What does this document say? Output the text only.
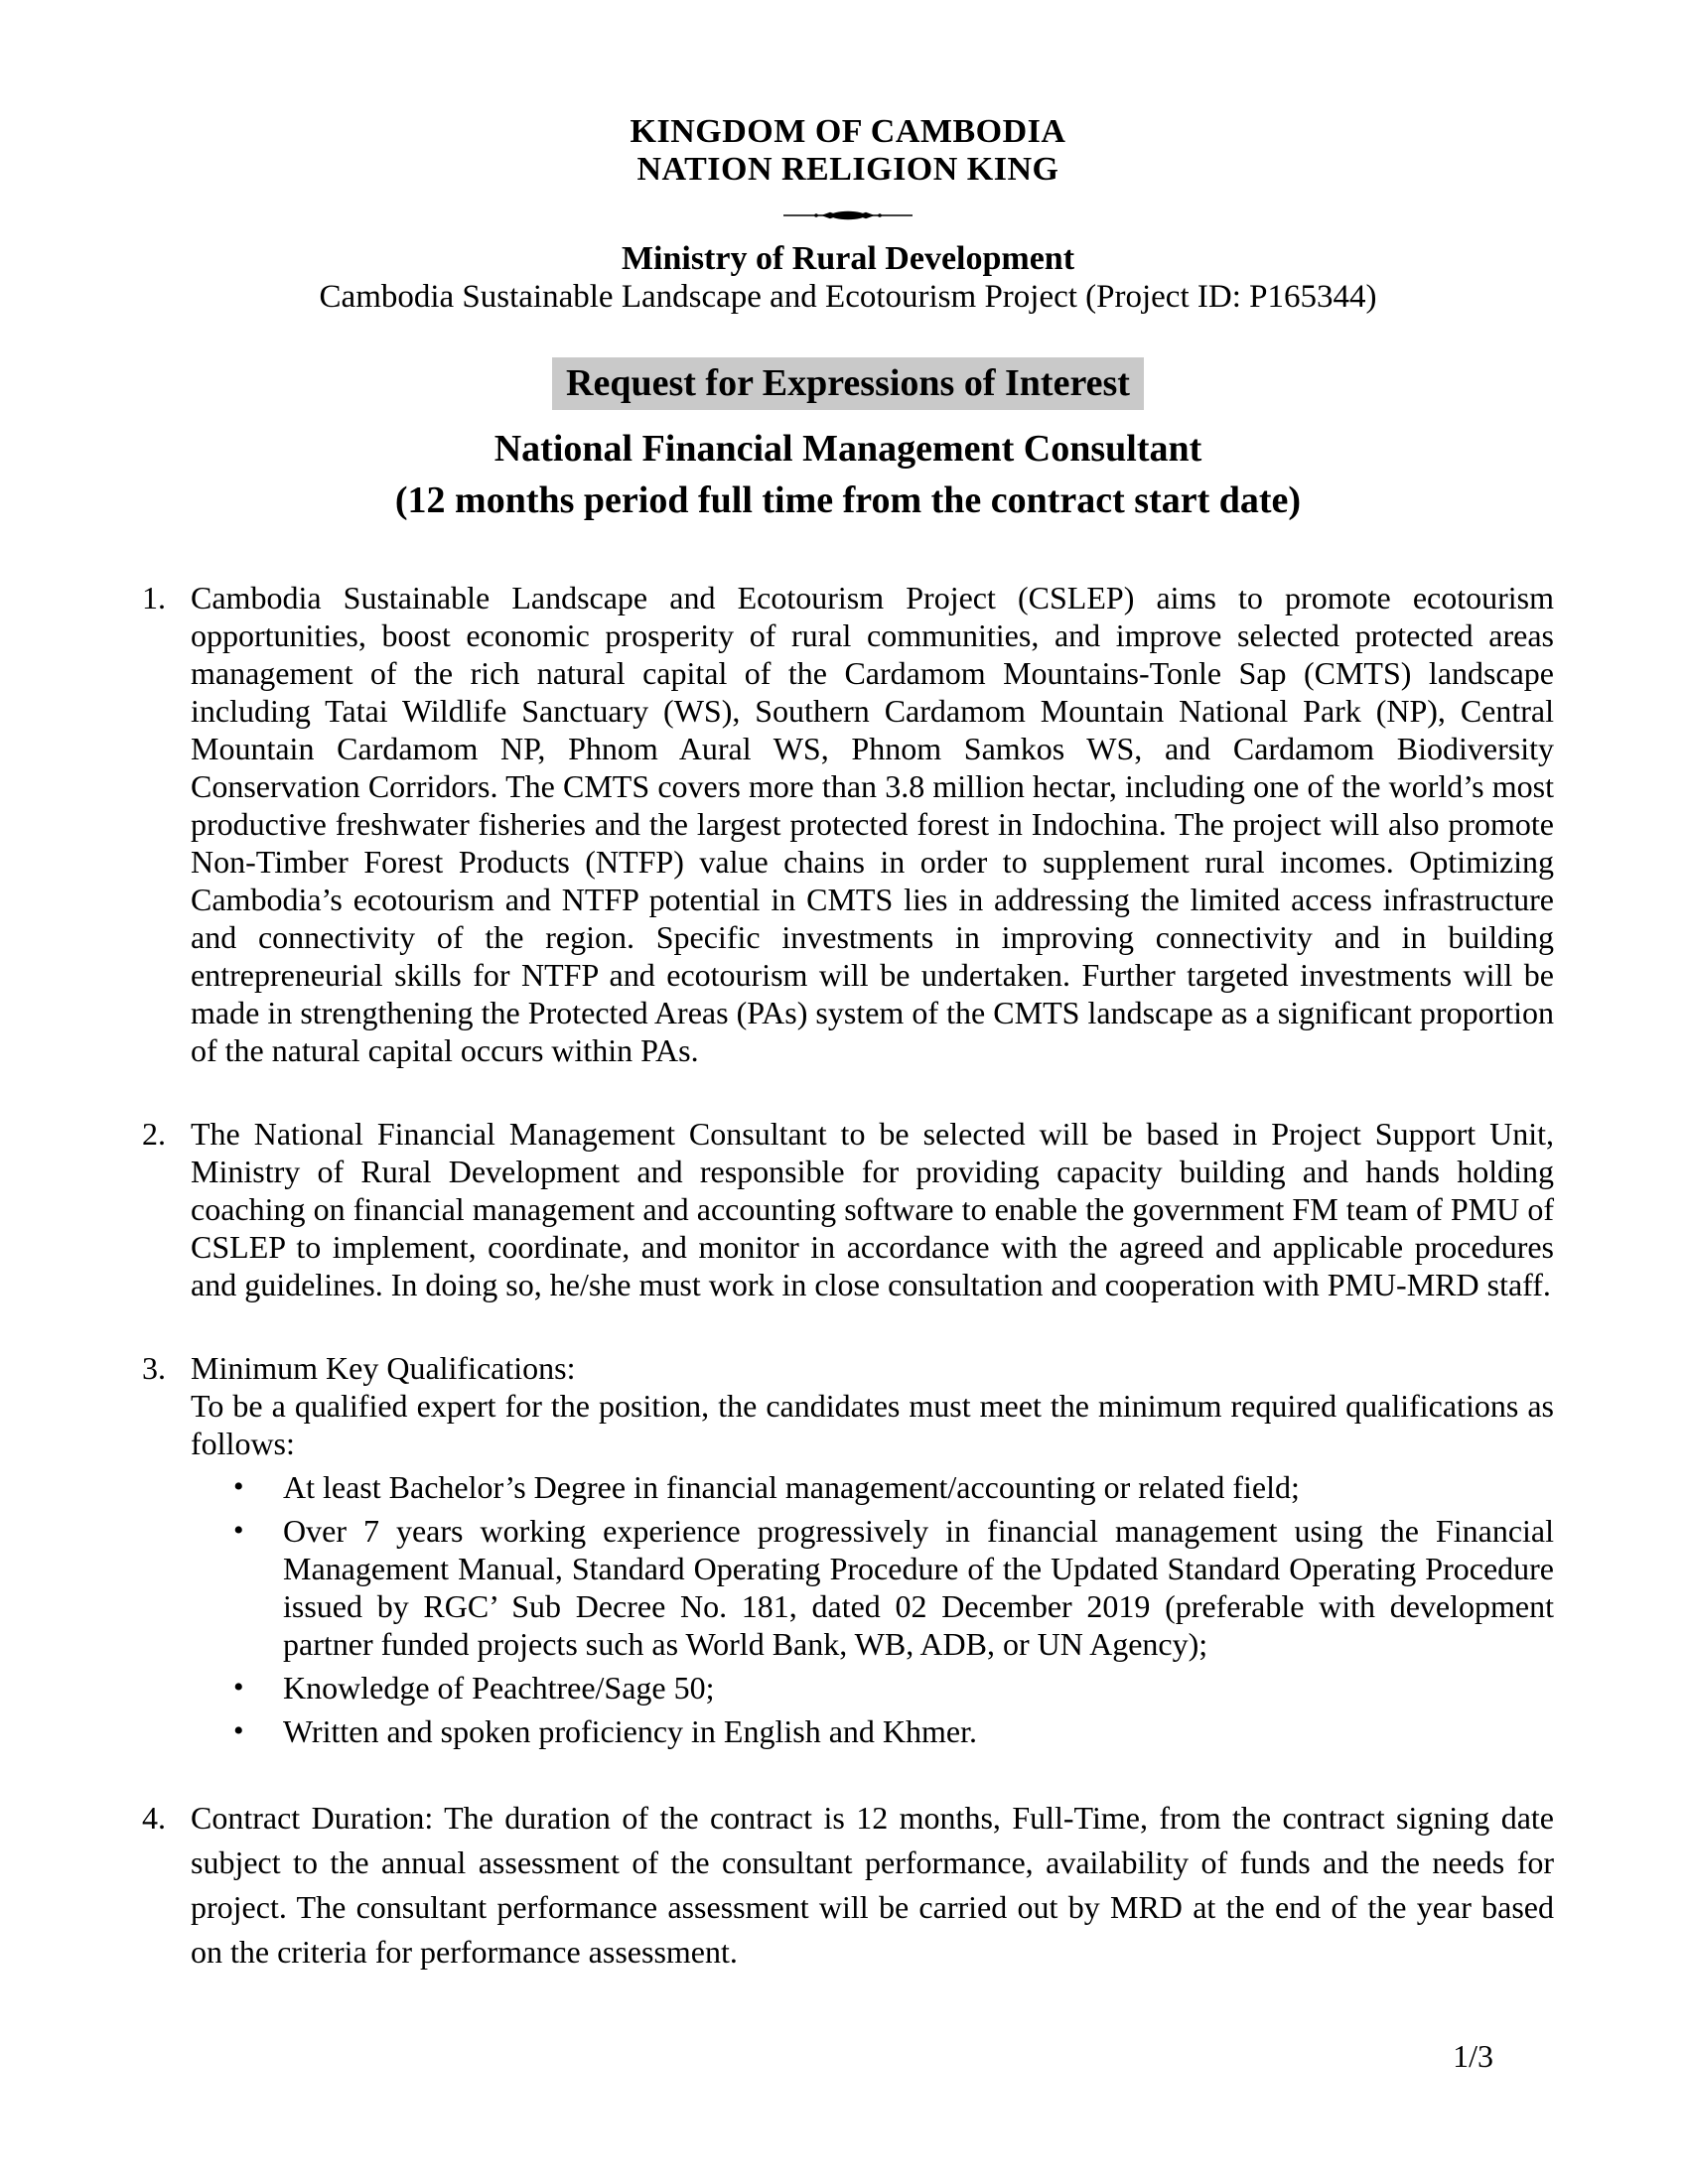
KINGDOM OF CAMBODIA
NATION RELIGION KING
Ministry of Rural Development
Cambodia Sustainable Landscape and Ecotourism Project (Project ID: P165344)
Request for Expressions of Interest
National Financial Management Consultant
(12 months period full time from the contract start date)
1. Cambodia Sustainable Landscape and Ecotourism Project (CSLEP) aims to promote ecotourism opportunities, boost economic prosperity of rural communities, and improve selected protected areas management of the rich natural capital of the Cardamom Mountains-Tonle Sap (CMTS) landscape including Tatai Wildlife Sanctuary (WS), Southern Cardamom Mountain National Park (NP), Central Mountain Cardamom NP, Phnom Aural WS, Phnom Samkos WS, and Cardamom Biodiversity Conservation Corridors. The CMTS covers more than 3.8 million hectar, including one of the world’s most productive freshwater fisheries and the largest protected forest in Indochina. The project will also promote Non-Timber Forest Products (NTFP) value chains in order to supplement rural incomes. Optimizing Cambodia’s ecotourism and NTFP potential in CMTS lies in addressing the limited access infrastructure and connectivity of the region. Specific investments in improving connectivity and in building entrepreneurial skills for NTFP and ecotourism will be undertaken. Further targeted investments will be made in strengthening the Protected Areas (PAs) system of the CMTS landscape as a significant proportion of the natural capital occurs within PAs.

2. The National Financial Management Consultant to be selected will be based in Project Support Unit, Ministry of Rural Development and responsible for providing capacity building and hands holding coaching on financial management and accounting software to enable the government FM team of PMU of CSLEP to implement, coordinate, and monitor in accordance with the agreed and applicable procedures and guidelines. In doing so, he/she must work in close consultation and cooperation with PMU-MRD staff.

3. Minimum Key Qualifications:

To be a qualified expert for the position, the candidates must meet the minimum required qualifications as follows:

•	At least Bachelor’s Degree in financial management/accounting or related field;
•	Over 7 years working experience progressively in financial management using the Financial Management Manual, Standard Operating Procedure of the Updated Standard Operating Procedure issued by RGC’ Sub Decree No. 181, dated 02 December 2019 (preferable with development partner funded projects such as World Bank, WB, ADB, or UN Agency);
•	Knowledge of Peachtree/Sage 50;
•	Written and spoken proficiency in English and Khmer.
4. Contract Duration: The duration of the contract is 12 months, Full-Time, from the contract signing date subject to the annual assessment of the consultant performance, availability of funds and the needs for project. The consultant performance assessment will be carried out by MRD at the end of the year based on the criteria for performance assessment.

1/3
